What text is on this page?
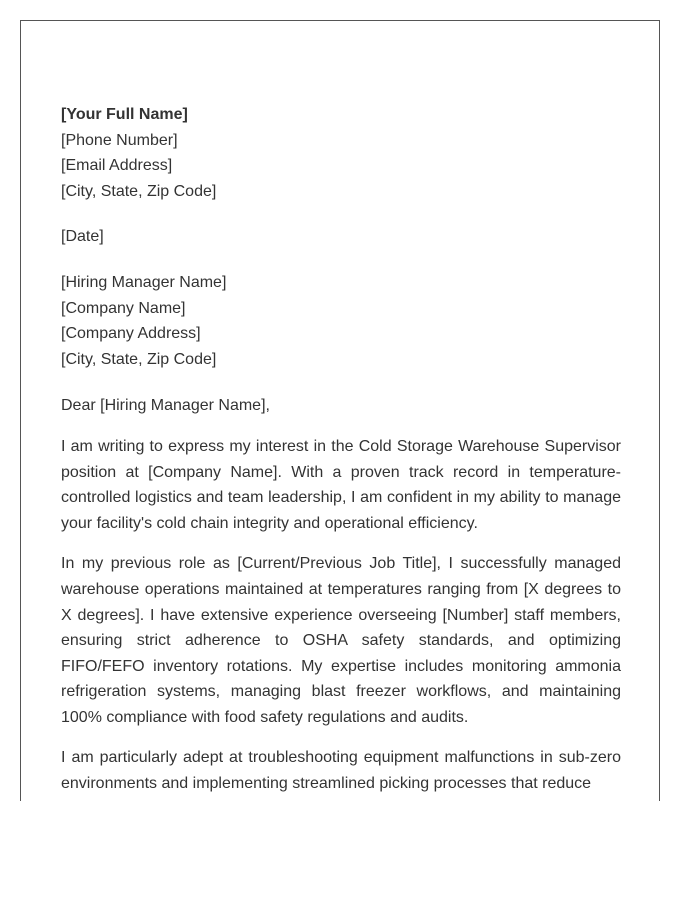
[Your Full Name]
[Phone Number]
[Email Address]
[City, State, Zip Code]
[Date]
[Hiring Manager Name]
[Company Name]
[Company Address]
[City, State, Zip Code]

Dear [Hiring Manager Name],

I am writing to express my interest in the Cold Storage Warehouse Supervisor position at [Company Name]. With a proven track record in temperature-controlled logistics and team leadership, I am confident in my ability to manage your facility's cold chain integrity and operational efficiency.

In my previous role as [Current/Previous Job Title], I successfully managed warehouse operations maintained at temperatures ranging from [X degrees to X degrees]. I have extensive experience overseeing [Number] staff members, ensuring strict adherence to OSHA safety standards, and optimizing FIFO/FEFO inventory rotations. My expertise includes monitoring ammonia refrigeration systems, managing blast freezer workflows, and maintaining 100% compliance with food safety regulations and audits.

I am particularly adept at troubleshooting equipment malfunctions in sub-zero environments and implementing streamlined picking processes that reduce
